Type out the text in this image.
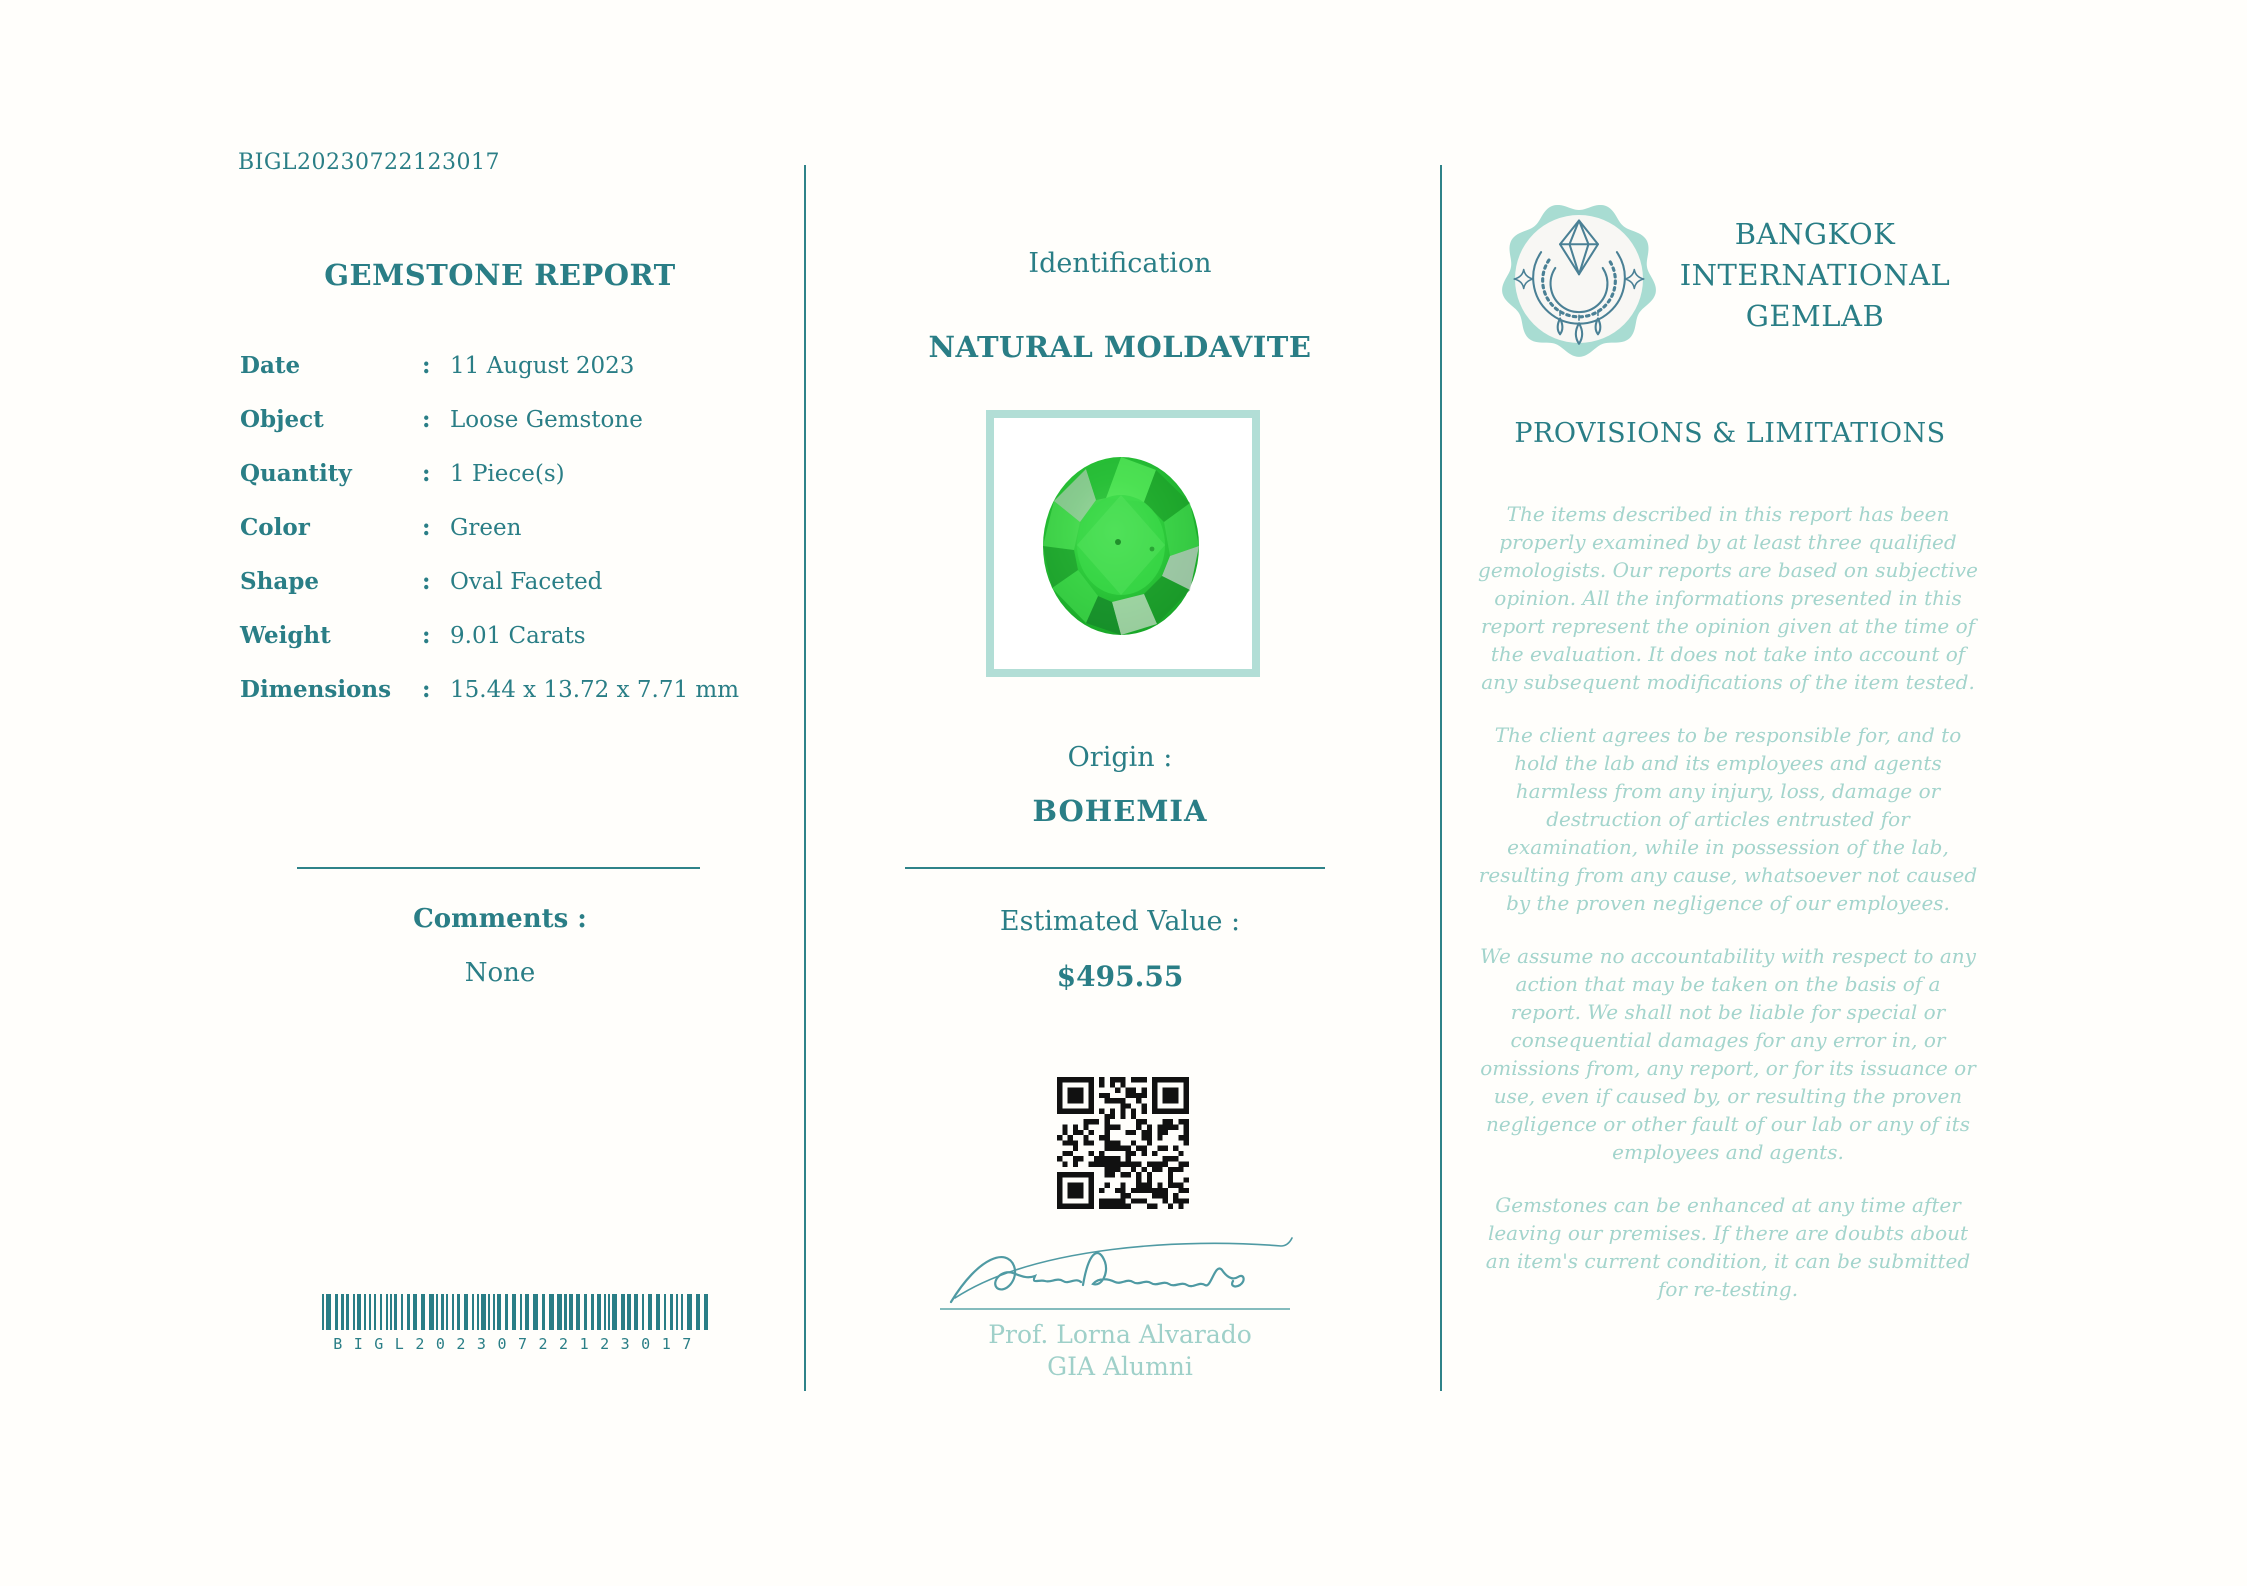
BIGL20230722123017
GEMSTONE REPORT
Date	: 11 August 2023
Object	: Loose Gemstone
Quantity	: 1 Piece(s)
Color	: Green
Shape	: Oval Faceted
Weight	: 9.01 Carats
Dimensions	: 15.44 x 13.72 x 7.71 mm
Comments :
None
BIGL20230722123017
Identification
NATURAL MOLDAVITE
Origin :
BOHEMIA
Estimated Value :
$495.55
Prof. Lorna Alvarado
GIA Alumni
BANGKOK
INTERNATIONAL
GEMLAB
PROVISIONS & LIMITATIONS

The items described in this report has been properly examined by at least three qualified gemologists. Our reports are based on subjective opinion. All the informations presented in this report represent the opinion given at the time of the evaluation. It does not take into account of any subsequent modifications of the item tested.

The client agrees to be responsible for, and to hold the lab and its employees and agents harmless from any injury, loss, damage or destruction of articles entrusted for examination, while in possession of the lab, resulting from any cause, whatsoever not caused by the proven negligence of our employees.

We assume no accountability with respect to any action that may be taken on the basis of a report. We shall not be liable for special or consequential damages for any error in, or omissions from, any report, or for its issuance or use, even if caused by, or resulting the proven negligence or other fault of our lab or any of its employees and agents.

Gemstones can be enhanced at any time after leaving our premises. If there are doubts about an item's current condition, it can be submitted for re-testing.
